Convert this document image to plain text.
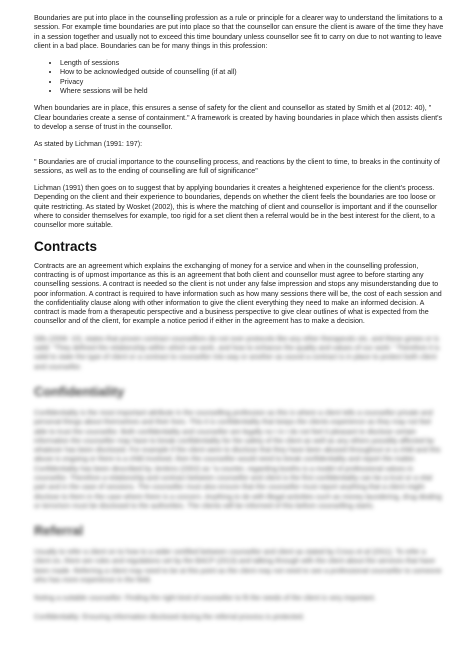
Boundaries are put into place in the counselling profession as a rule or principle for a clearer way to understand the limitations to a session. For example time boundaries are put into place so that the counsellor can ensure the client is aware of the time they have in a session together and usually not to exceed this time boundary unless counsellor see fit to carry on due to not wanting to leave client in a bad place. Boundaries can be for many things in this profession:

• Length of sessions
• How to be acknowledged outside of counselling (if at all)
• Privacy
• Where sessions will be held

When boundaries are in place, this ensures a sense of safety for the client and counsellor as stated by Smith et al (2012: 40), " Clear boundaries create a sense of containment." A framework is created by having boundaries in place which then assists client's to develop a sense of trust in the counsellor.

As stated by Lichman (1991: 197):

" Boundaries are of crucial importance to the counselling process, and reactions by the client to time, to breaks in the continuity of sessions, as well as to the ending of counselling are full of significance"

Lichman (1991) then goes on to suggest that by applying boundaries it creates a heightened experience for the client's process. Depending on the client and their experience to boundaries, depends on whether the client feels the boundaries are too loose or quite restricting. As stated by Wosket (2002), this is where the matching of client and counsellor is important and if the counsellor where to consider themselves for example, too rigid for a set client then a referral would be in the best interest for the client, to a counsellor more suitable.

Contracts

Contracts are an agreement which explains the exchanging of money for a service and when in the counselling profession, contracting is of upmost importance as this is an agreement that both client and counsellor must agree to before starting any counselling sessions. A contract is needed so the client is not under any false impression and stops any misunderstanding due to poor information. A contract is required to have information such as how many sessions there will be, the cost of each session and the confidentiality clause along with other information to give the client everything they need to make an informed decision. A contract is made from a therapeutic perspective and a business perspective to give clear outlines of what is expected from the counsellor and of the client, for example a notice period if either in the agreement has to make a decision.

Sills (2006: 10), states that proven contract counsellors do not over protocols like any other therapeutic etc, and these grows or is valid: "They defined the relationship within which we work, and how to enhance the quality and values of our work." Therefore it is valid to state the type of client or a contract to counsellor into way or another as sound a contract is in place to protect both client and counsellor.

Confidentiality

Confidentiality is the most important attribute in the counselling profession as this is where a client tells a counsellor private and personal things about themselves and their lives. This it is confidentiality that keeps the clients experience as they may not feel able to trust the counsellor. Both confidentiality and counsellor are legally no I in I do not feel it pleasant to disclose certain information the counsellor may have to break confidentiality for the safety of the client as well as any others possibly affected by whatever has been disclosed. For example if the client were to disclose that they have been abused throughout or a child and this abuse is ongoing or there is a child involved, then the counsellor would need to break confidentiality and report the matter. Confidentiality has been described by Jenkins (2002) as "a counter, regarding booths is a model of professional values in counsellor. Therefore a relationship and contract between counsellor and client is the first confidentiality can be a trust or a vital part and in the case of sessions. The counsellor must also ensure that the counsellor must report anything that a client might disclose to them in the case where there is a concern. Anything to do with illegal activities such as money laundering, drug dealing or terrorism must be disclosed to the authorities. The clients will be informed of this before counselling starts.

Referral

Usually to refer a client on to how to a wider certified between counsellor and client as stated by Cross et al (2011). To refer a client on, there are rules and regulations set by the BACP (2013) and talking through with the client about the services that have been made. Referring a client may need to be at this point as the client may not need to see a professional counsellor to someone who has more experience in the field.

Noting a suitable counsellor: Finding the right kind of counsellor to fit the needs of the client is very important.

Confidentiality: Ensuring information disclosed during the referral process is protected.
